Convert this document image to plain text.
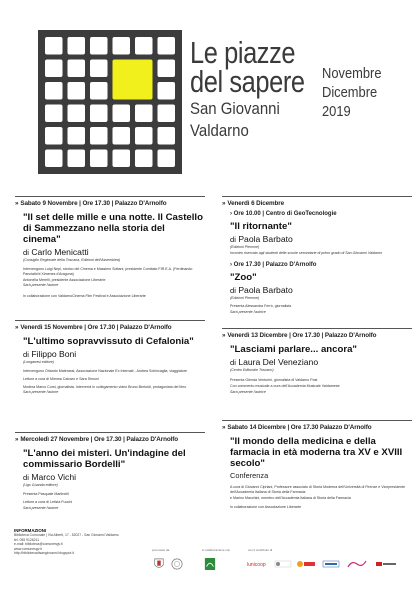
Le piazze
del sapere
San Giovanni
Valdarno
Novembre
Dicembre
2019
» Sabato 9 Novembre | Ore 17.30 | Palazzo D'Arnolfo
"Il set delle mille e una notte. Il Castello di Sammezzano nella storia del cinema"
di Carlo Menicatti
(Consiglio Regionale della Toscana, Edizioni dell'Assemblea)
Intervengono Luigi Nepi, storico del Cinema e Massimo Sottani, presidente Comitato FIR.E.A. (Ferdinando Panciatichi Ximenes d'Aragona)
Antonella Merelli, presidente Associazione Liberarte
Sarà presente l'autore
In collaborazione con ValdarnoCinema Film Festival e Associazione Liberarte
» Venerdì 15 Novembre | Ore 17.30 | Palazzo D'Arnolfo
"L'ultimo sopravvissuto di Cefalonia"
di Filippo Boni
(Longanesi editore)
Intervengono Orlando Materassi, Associazione Nazionale Ex Internati - Andrea Schincaglia, viaggiatore
Letture a cura di Mimma Calcaro e Sara Simoni
Modera Marco Corsi, giornalista. Interverrà in collegamento video Bruno Bertoldi, protagonista del libro
Sarà presente l'autore
» Mercoledì 27 Novembre | Ore 17.30 | Palazzo D'Arnolfo
"L'anno dei misteri. Un'indagine del commissario Bordelli"
di Marco Vichi
(Ugo Guanda editore)
Presenta Pasquale Martinelli
Letture a cura di Letizia Fuochi
Sarà presente l'autore
» Venerdì 6 Dicembre
› Ore 10.00 | Centro di GeoTecnologie
"Il ritornante"
di Paola Barbato
(Edizioni Piemme)
Incontro riservato agli studenti delle scuole secondarie di primo grado di San Giovanni Valdarno
› Ore 17.30 | Palazzo D'Arnolfo
"Zoo"
di Paola Barbato
(Edizioni Piemme)
Presenta Alessandra Ferrò, giornalista
Sarà presente l'autrice
» Venerdì 13 Dicembre | Ore 17.30 | Palazzo D'Arnolfo
"Lasciami parlare... ancora"
di Laura Del Veneziano
(Centro Editoriale Toscano)
Presenta Glenda Venturini, giornalista di Valdarno Post
Con commento musicale a cura dell'Accademia Musicale Valdarnese
Sarà presente l'autrice
» Sabato 14 Dicembre | Ore 17.30 Palazzo D'Arnolfo
"Il mondo della medicina e della farmacia in età moderna tra XV e XVIII secolo"
Conferenza
A cura di Giovanni Cipriani, Professore associato di Storia Moderna dell'Università di Firenze e Vicepresidente dell'Accademia Italiana di Storia della Farmacia
e Marino Macchini, membro dell'Accademia Italiana di Storia della Farmacia
In collaborazione con Associazione Liberarte
INFORMAZIONI
Biblioteca Comunale | Via Alberti, 17 - 52027 - San Giovanni Valdarno
tel. 055 9126211
e-mail: biblioteca@comunesgv.it
www.comunesgv.it
http://bibliotecadisangiovanni.blogspot.it
promosso da	in collaborazione con	con il contributo di
lunicoop
